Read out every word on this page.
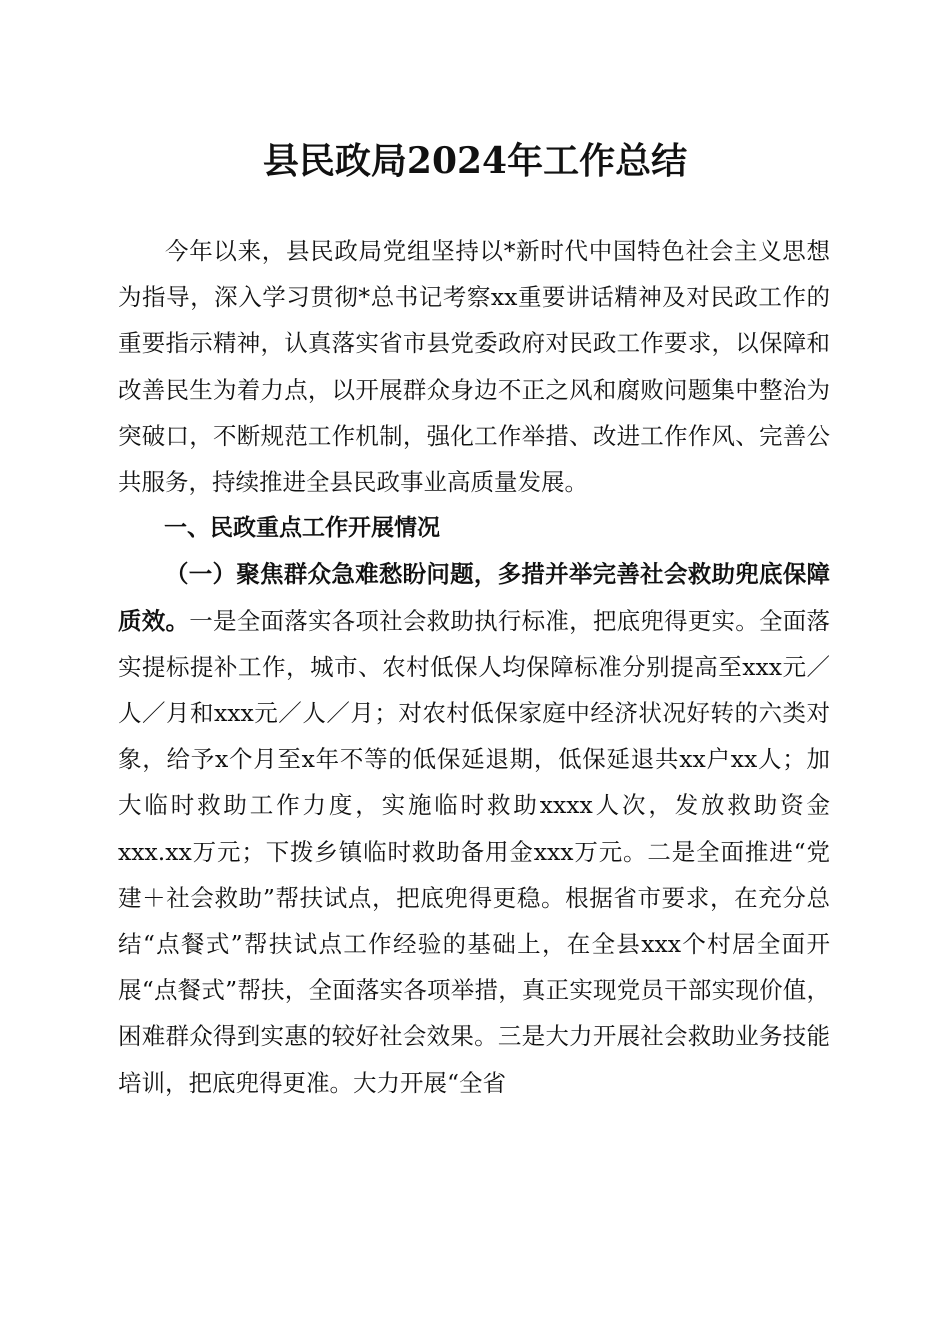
县民政局2024年工作总结

今年以来，县民政局党组坚持以*新时代中国特色社会主义思想为指导，深入学习贯彻*总书记考察xx重要讲话精神及对民政工作的重要指示精神，认真落实省市县党委政府对民政工作要求，以保障和改善民生为着力点，以开展群众身边不正之风和腐败问题集中整治为突破口，不断规范工作机制，强化工作举措、改进工作作风、完善公共服务，持续推进全县民政事业高质量发展。

一、民政重点工作开展情况

（一）聚焦群众急难愁盼问题，多措并举完善社会救助兜底保障质效。一是全面落实各项社会救助执行标准，把底兜得更实。全面落实提标提补工作，城市、农村低保人均保障标准分别提高至xxx元／人／月和xxx元／人／月；对农村低保家庭中经济状况好转的六类对象，给予x个月至x年不等的低保延退期，低保延退共xx户xx人；加大临时救助工作力度，实施临时救助xxxx人次，发放救助资金xxx.xx万元；下拨乡镇临时救助备用金xxx万元。二是全面推进“党建＋社会救助”帮扶试点，把底兜得更稳。根据省市要求，在充分总结“点餐式”帮扶试点工作经验的基础上，在全县xxx个村居全面开展“点餐式”帮扶，全面落实各项举措，真正实现党员干部实现价值，困难群众得到实惠的较好社会效果。三是大力开展社会救助业务技能培训，把底兜得更准。大力开展“全省
